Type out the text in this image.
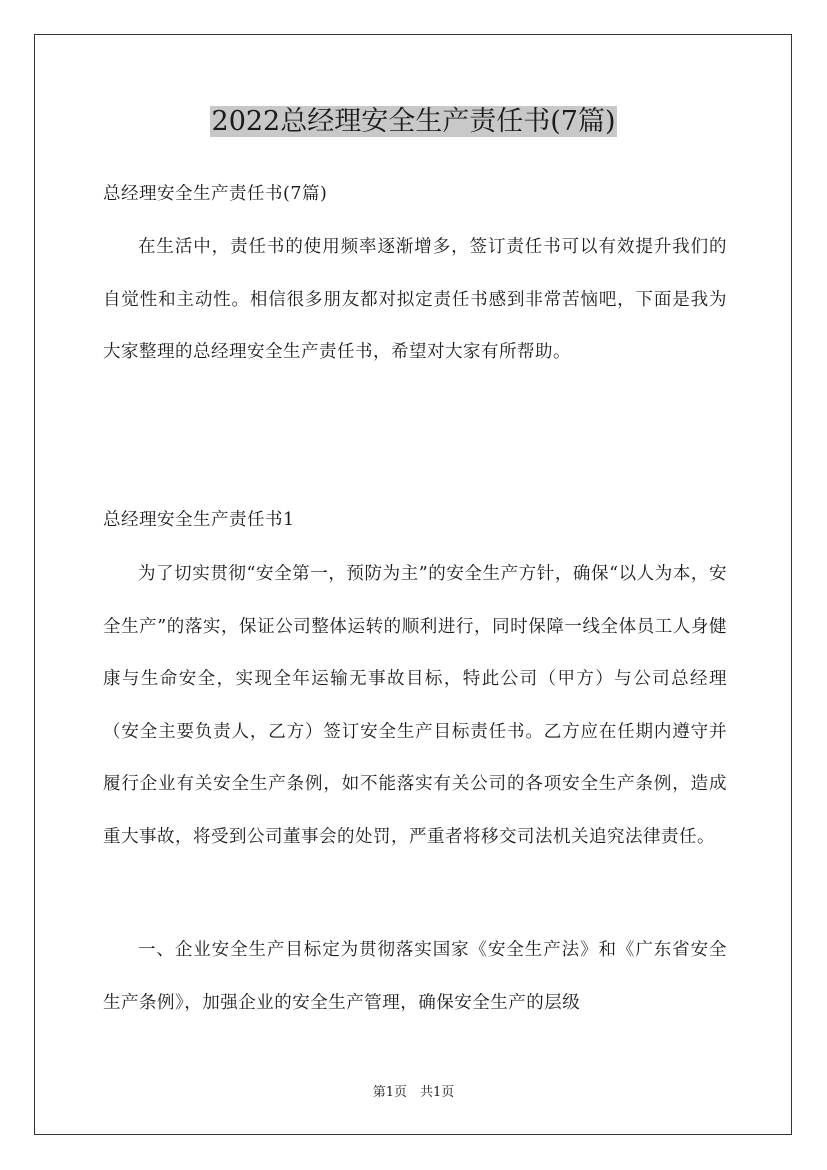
2022总经理安全生产责任书(7篇)

总经理安全生产责任书(7篇)

在生活中，责任书的使用频率逐渐增多，签订责任书可以有效提升我们的自觉性和主动性。相信很多朋友都对拟定责任书感到非常苦恼吧，下面是我为大家整理的总经理安全生产责任书，希望对大家有所帮助。

总经理安全生产责任书1

为了切实贯彻“安全第一，预防为主”的安全生产方针，确保“以人为本，安全生产”的落实，保证公司整体运转的顺利进行，同时保障一线全体员工人身健康与生命安全，实现全年运输无事故目标，特此公司（甲方）与公司总经理（安全主要负责人，乙方）签订安全生产目标责任书。乙方应在任期内遵守并履行企业有关安全生产条例，如不能落实有关公司的各项安全生产条例，造成重大事故，将受到公司董事会的处罚，严重者将移交司法机关追究法律责任。

一、企业安全生产目标定为贯彻落实国家《安全生产法》和《广东省安全生产条例》，加强企业的安全生产管理，确保安全生产的层级

第1页　共1页
